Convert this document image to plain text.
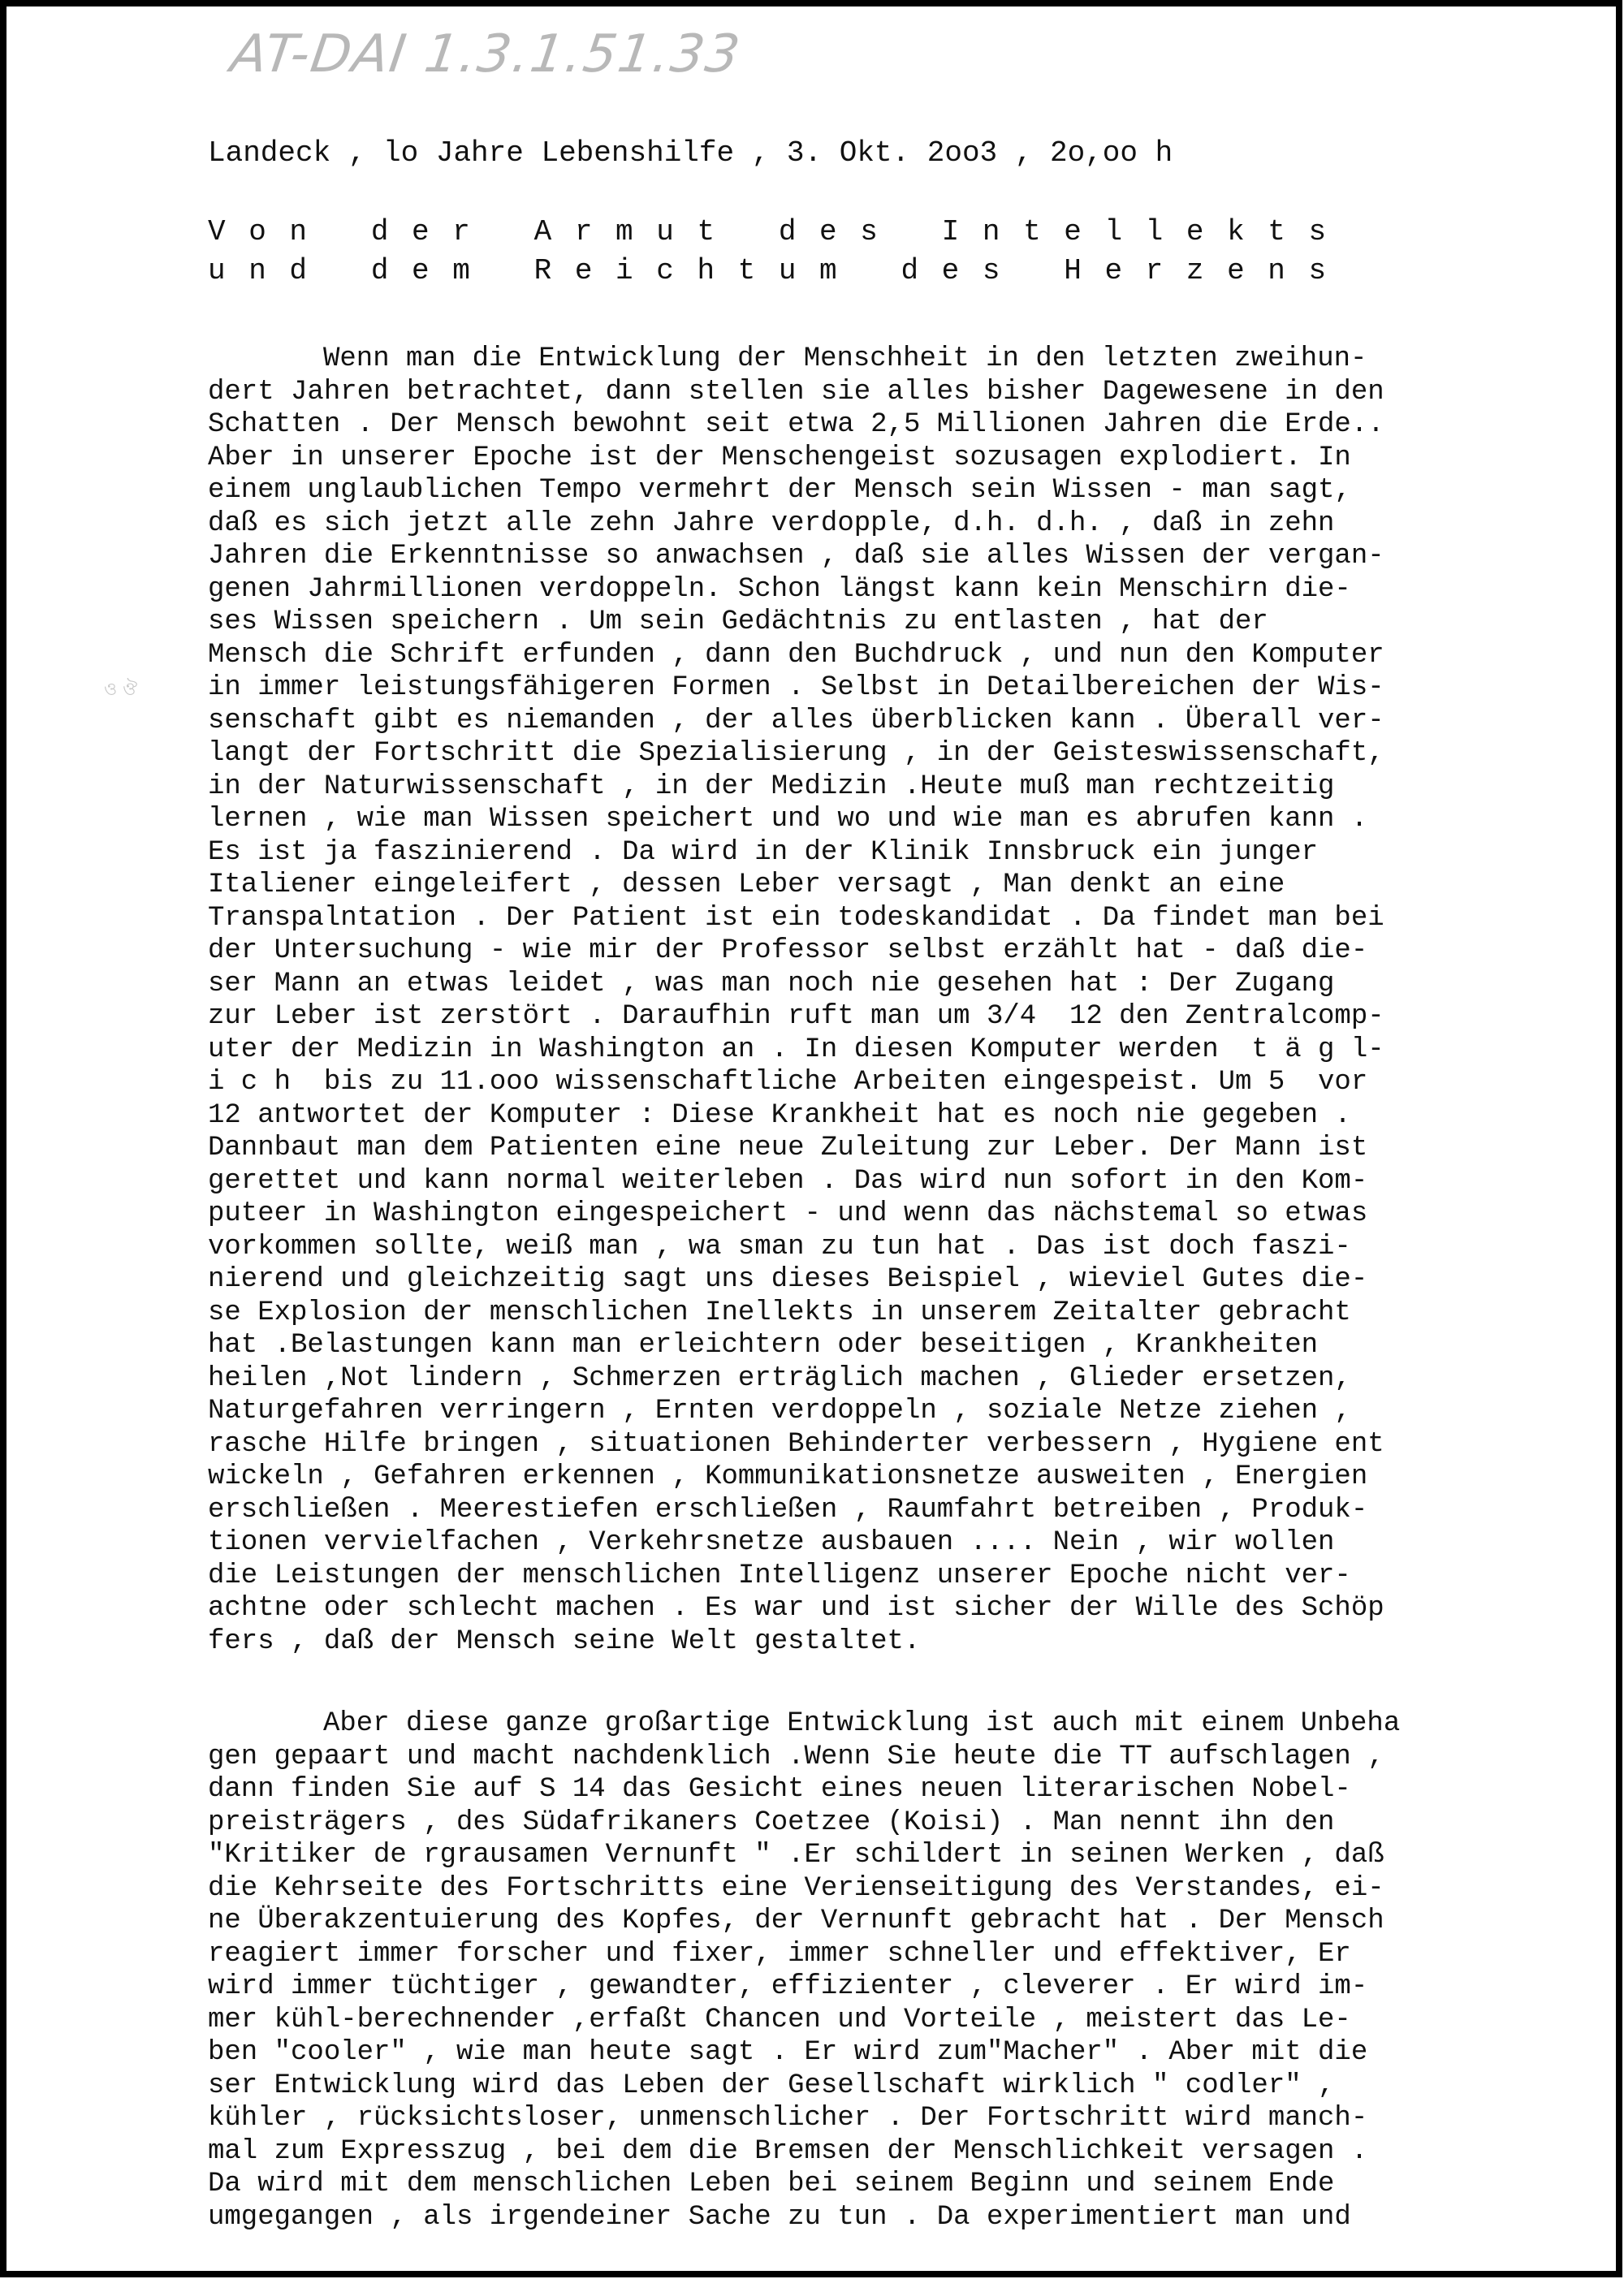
AT-DAI 1.3.1.51.33
ও ঔ
Landeck , lo Jahre Lebenshilfe , 3. Okt. 2oo3 , 2o,oo h
Von der Armut des Intellekts
und dem Reichtum des Herzens

Wenn man die Entwicklung der Menschheit in den letzten zweihun-
dert Jahren betrachtet, dann stellen sie alles bisher Dagewesene in den
Schatten . Der Mensch bewohnt seit etwa 2,5 Millionen Jahren die Erde..
Aber in unserer Epoche ist der Menschengeist sozusagen explodiert. In
einem unglaublichen Tempo vermehrt der Mensch sein Wissen - man sagt,
daß es sich jetzt alle zehn Jahre verdopple, d.h. d.h. , daß in zehn
Jahren die Erkenntnisse so anwachsen , daß sie alles Wissen der vergan-
genen Jahrmillionen verdoppeln. Schon längst kann kein Menschirn die-
ses Wissen speichern . Um sein Gedächtnis zu entlasten , hat der
Mensch die Schrift erfunden , dann den Buchdruck , und nun den Komputer
in immer leistungsfähigeren Formen . Selbst in Detailbereichen der Wis-
senschaft gibt es niemanden , der alles überblicken kann . Überall ver-
langt der Fortschritt die Spezialisierung , in der Geisteswissenschaft,
in der Naturwissenschaft , in der Medizin .Heute muß man rechtzeitig
lernen , wie man Wissen speichert und wo und wie man es abrufen kann .
Es ist ja faszinierend . Da wird in der Klinik Innsbruck ein junger
Italiener eingeleifert , dessen Leber versagt , Man denkt an eine
Transpalntation . Der Patient ist ein todeskandidat . Da findet man bei
der Untersuchung - wie mir der Professor selbst erzählt hat - daß die-
ser Mann an etwas leidet , was man noch nie gesehen hat : Der Zugang
zur Leber ist zerstört . Daraufhin ruft man um 3/4  12 den Zentralcomp-
uter der Medizin in Washington an . In diesen Komputer werden  t ä g l-
i c h  bis zu 11.ooo wissenschaftliche Arbeiten eingespeist. Um 5  vor
12 antwortet der Komputer : Diese Krankheit hat es noch nie gegeben .
Dannbaut man dem Patienten eine neue Zuleitung zur Leber. Der Mann ist
gerettet und kann normal weiterleben . Das wird nun sofort in den Kom-
puteer in Washington eingespeichert - und wenn das nächstemal so etwas
vorkommen sollte, weiß man , wa sman zu tun hat . Das ist doch faszi-
nierend und gleichzeitig sagt uns dieses Beispiel , wieviel Gutes die-
se Explosion der menschlichen Inellekts in unserem Zeitalter gebracht
hat .Belastungen kann man erleichtern oder beseitigen , Krankheiten
heilen ,Not lindern , Schmerzen erträglich machen , Glieder ersetzen,
Naturgefahren verringern , Ernten verdoppeln , soziale Netze ziehen ,
rasche Hilfe bringen , situationen Behinderter verbessern , Hygiene ent
wickeln , Gefahren erkennen , Kommunikationsnetze ausweiten , Energien
erschließen . Meerestiefen erschließen , Raumfahrt betreiben , Produk-
tionen vervielfachen , Verkehrsnetze ausbauen .... Nein , wir wollen
die Leistungen der menschlichen Intelligenz unserer Epoche nicht ver-
achtne oder schlecht machen . Es war und ist sicher der Wille des Schöp
fers , daß der Mensch seine Welt gestaltet.

Aber diese ganze großartige Entwicklung ist auch mit einem Unbeha
gen gepaart und macht nachdenklich .Wenn Sie heute die TT aufschlagen ,
dann finden Sie auf S 14 das Gesicht eines neuen literarischen Nobel-
preisträgers , des Südafrikaners Coetzee (Koisi) . Man nennt ihn den
"Kritiker de rgrausamen Vernunft " .Er schildert in seinen Werken , daß
die Kehrseite des Fortschritts eine Verienseitigung des Verstandes, ei-
ne Überakzentuierung des Kopfes, der Vernunft gebracht hat . Der Mensch
reagiert immer forscher und fixer, immer schneller und effektiver, Er
wird immer tüchtiger , gewandter, effizienter , cleverer . Er wird im-
mer kühl-berechnender ,erfaßt Chancen und Vorteile , meistert das Le-
ben "cooler" , wie man heute sagt . Er wird zum"Macher" . Aber mit die
ser Entwicklung wird das Leben der Gesellschaft wirklich " codler" ,
kühler , rücksichtsloser, unmenschlicher . Der Fortschritt wird manch-
mal zum Expresszug , bei dem die Bremsen der Menschlichkeit versagen .
Da wird mit dem menschlichen Leben bei seinem Beginn und seinem Ende
umgegangen , als irgendeiner Sache zu tun . Da experimentiert man und
